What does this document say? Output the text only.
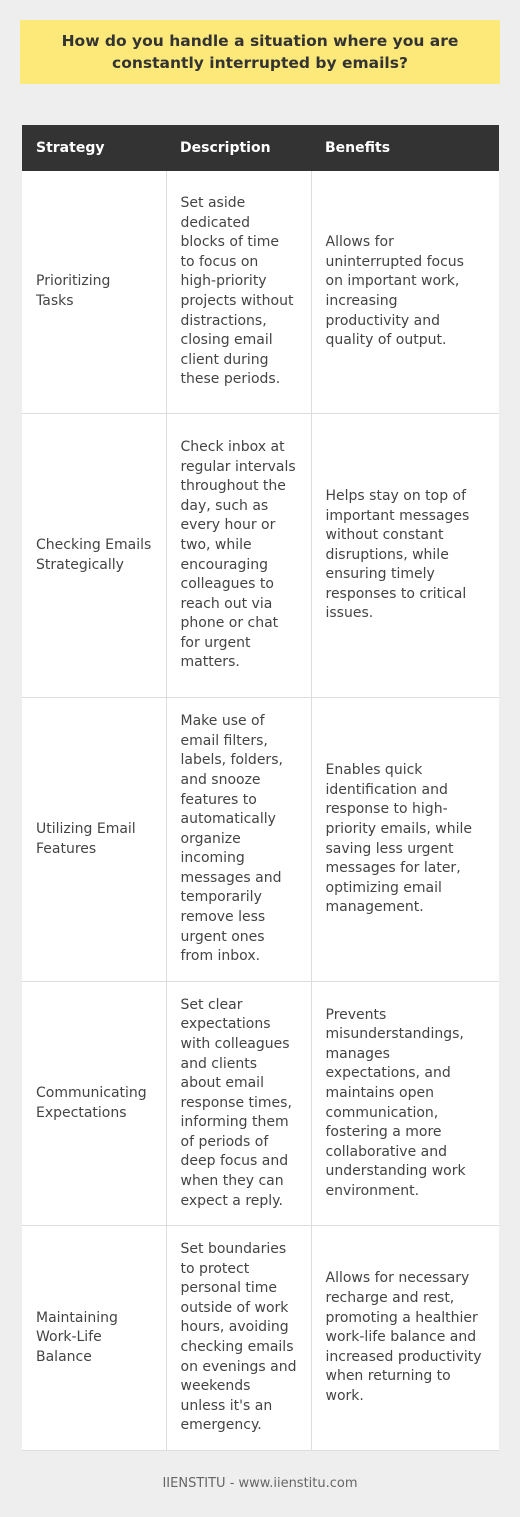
How do you handle a situation where you are constantly interrupted by emails?
Strategy	Description	Benefits
Prioritizing Tasks	Set aside dedicated blocks of time to focus on high-priority projects without distractions, closing email client during these periods.	Allows for uninterrupted focus on important work, increasing productivity and quality of output.
Checking Emails Strategically	Check inbox at regular intervals throughout the day, such as every hour or two, while encouraging colleagues to reach out via phone or chat for urgent matters.	Helps stay on top of important messages without constant disruptions, while ensuring timely responses to critical issues.
Utilizing Email Features	Make use of email filters, labels, folders, and snooze features to automatically organize incoming messages and temporarily remove less urgent ones from inbox.	Enables quick identification and response to high-priority emails, while saving less urgent messages for later, optimizing email management.
Communicating Expectations	Set clear expectations with colleagues and clients about email response times, informing them of periods of deep focus and when they can expect a reply.	Prevents misunderstandings, manages expectations, and maintains open communication, fostering a more collaborative and understanding work environment.
Maintaining Work-Life Balance	Set boundaries to protect personal time outside of work hours, avoiding checking emails on evenings and weekends unless it's an emergency.	Allows for necessary recharge and rest, promoting a healthier work-life balance and increased productivity when returning to work.
IIENSTITU - www.iienstitu.com
